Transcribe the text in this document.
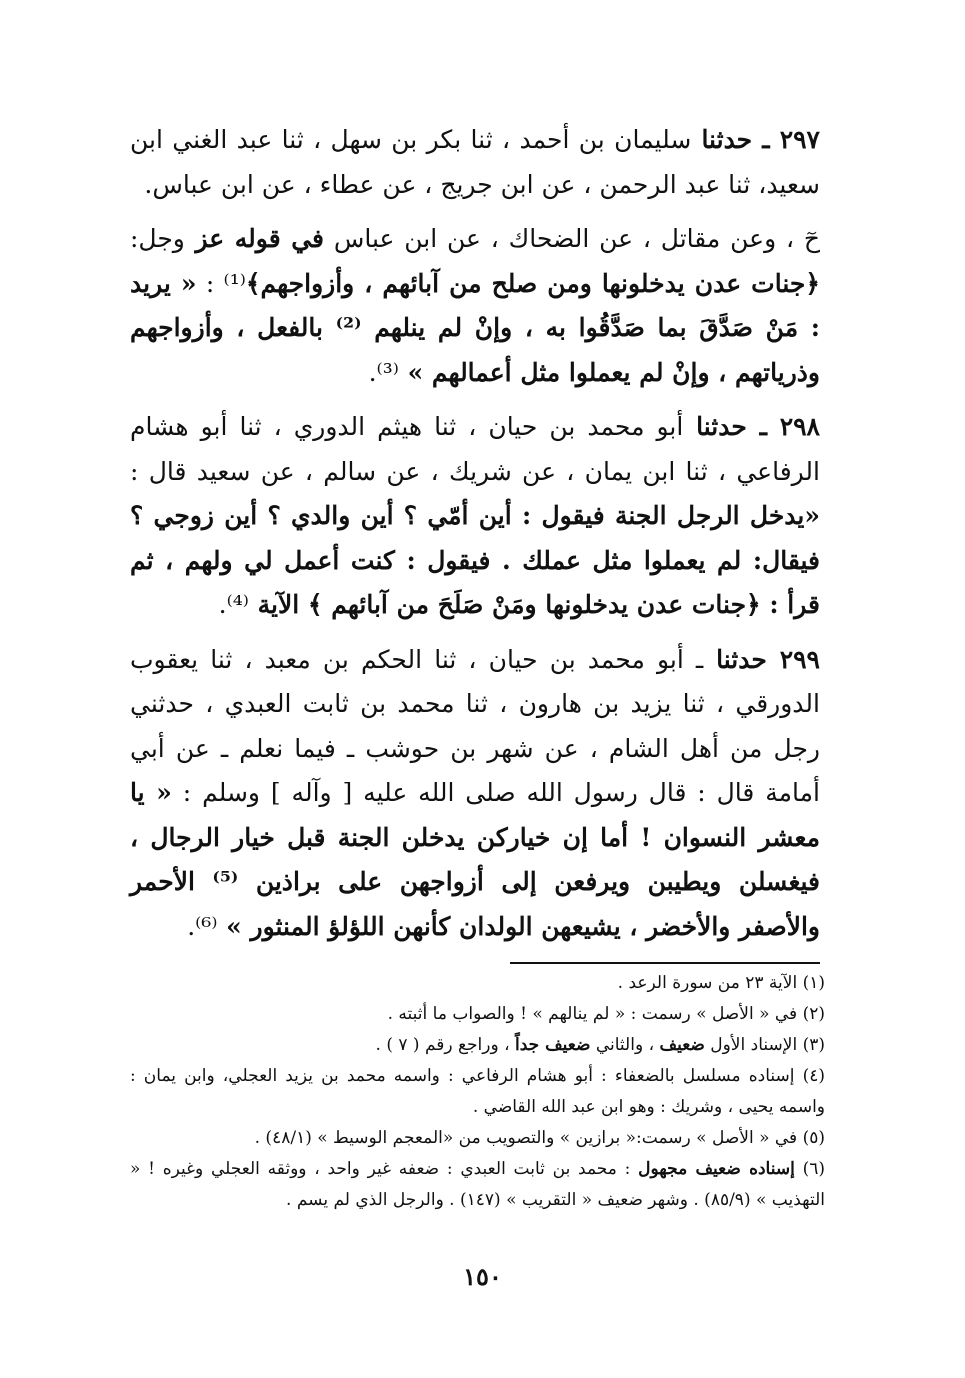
٢٩٧ ـ حدثنا سليمان بن أحمد ، ثنا بكر بن سهل ، ثنا عبد الغني ابن سعيد، ثنا عبد الرحمن ، عن ابن جريج ، عن عطاء ، عن ابن عباس.

حٓ ، وعن مقاتل ، عن الضحاك ، عن ابن عباس في قوله عز وجل: ﴿جنات عدن يدخلونها ومن صلح من آبائهم ، وأزواجهم﴾⁽¹⁾ : « يريد : مَنْ صَدَّقَ بما صَدَّقُوا به ، وإنْ لم ينلهم ⁽²⁾ بالفعل ، وأزواجهم وذرياتهم ، وإنْ لم يعملوا مثل أعمالهم » ⁽³⁾.

٢٩٨ ـ حدثنا أبو محمد بن حيان ، ثنا هيثم الدوري ، ثنا أبو هشام الرفاعي ، ثنا ابن يمان ، عن شريك ، عن سالم ، عن سعيد قال : «يدخل الرجل الجنة فيقول : أين أمّي ؟ أين والدي ؟ أين زوجي ؟ فيقال: لم يعملوا مثل عملك . فيقول : كنت أعمل لي ولهم ، ثم قرأ : ﴿جنات عدن يدخلونها ومَنْ صَلَحَ من آبائهم ﴾ الآية ⁽⁴⁾.

٢٩٩ حدثنا ـ أبو محمد بن حيان ، ثنا الحكم بن معبد ، ثنا يعقوب الدورقي ، ثنا يزيد بن هارون ، ثنا محمد بن ثابت العبدي ، حدثني رجل من أهل الشام ، عن شهر بن حوشب ـ فيما نعلم ـ عن أبي أمامة قال : قال رسول الله صلى الله عليه [ وآله ] وسلم : « يا معشر النسوان ! أما إن خياركن يدخلن الجنة قبل خيار الرجال ، فيغسلن ويطيبن ويرفعن إلى أزواجهن على براذين ⁽⁵⁾ الأحمر والأصفر والأخضر ، يشيعهن الولدان كأنهن اللؤلؤ المنثور » ⁽⁶⁾.

(١) الآية ٢٣ من سورة الرعد .

(٢) في « الأصل » رسمت : « لم ينالهم » ! والصواب ما أثبته .

(٣) الإسناد الأول ضعيف ، والثاني ضعيف جداً ، وراجع رقم ( ٧ ) .

(٤) إسناده مسلسل بالضعفاء : أبو هشام الرفاعي : واسمه محمد بن يزيد العجلي، وابن يمان : واسمه يحيى ، وشريك : وهو ابن عبد الله القاضي .

(٥) في « الأصل » رسمت:« برازين » والتصويب من «المعجم الوسيط » (٤٨/١) .

(٦) إسناده ضعيف مجهول : محمد بن ثابت العبدي : ضعفه غير واحد ، ووثقه العجلي وغيره ! « التهذيب » (٨٥/٩) . وشهر ضعيف « التقريب » (١٤٧) . والرجل الذي لم يسم .

١٥٠
